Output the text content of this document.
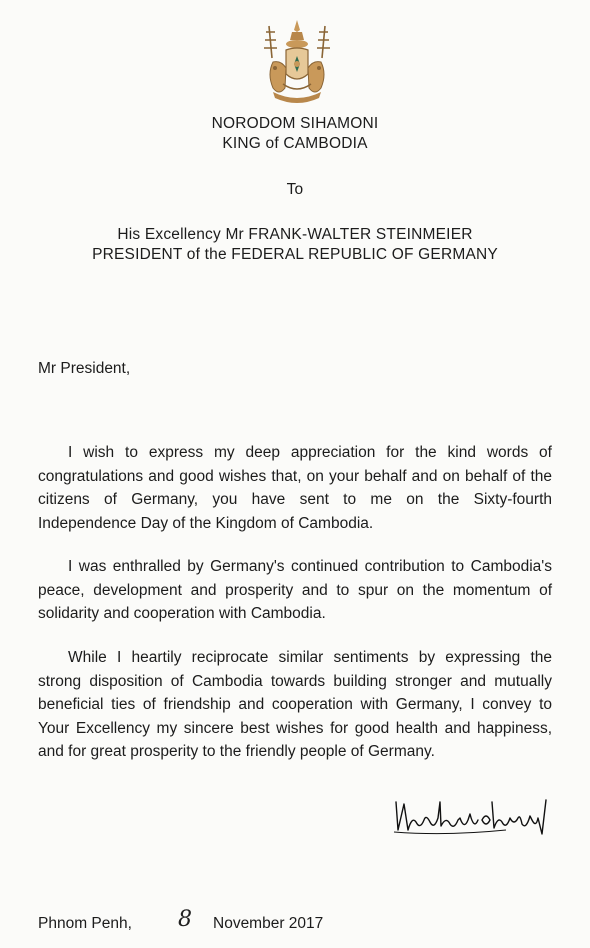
NORODOM SIHAMONI
KING of CAMBODIA
To
His Excellency Mr FRANK-WALTER STEINMEIER
PRESIDENT of the FEDERAL REPUBLIC OF GERMANY
Mr President,

I wish to express my deep appreciation for the kind words of congratulations and good wishes that, on your behalf and on behalf of the citizens of Germany, you have sent to me on the Sixty-fourth Independence Day of the Kingdom of Cambodia.

I was enthralled by Germany's continued contribution to Cambodia's peace, development and prosperity and to spur on the momentum of solidarity and cooperation with Cambodia.

While I heartily reciprocate similar sentiments by expressing the strong disposition of Cambodia towards building stronger and mutually beneficial ties of friendship and cooperation with Germany, I convey to Your Excellency my sincere best wishes for good health and happiness, and for great prosperity to the friendly people of Germany.

Phnom Penh, 8 November 2017
